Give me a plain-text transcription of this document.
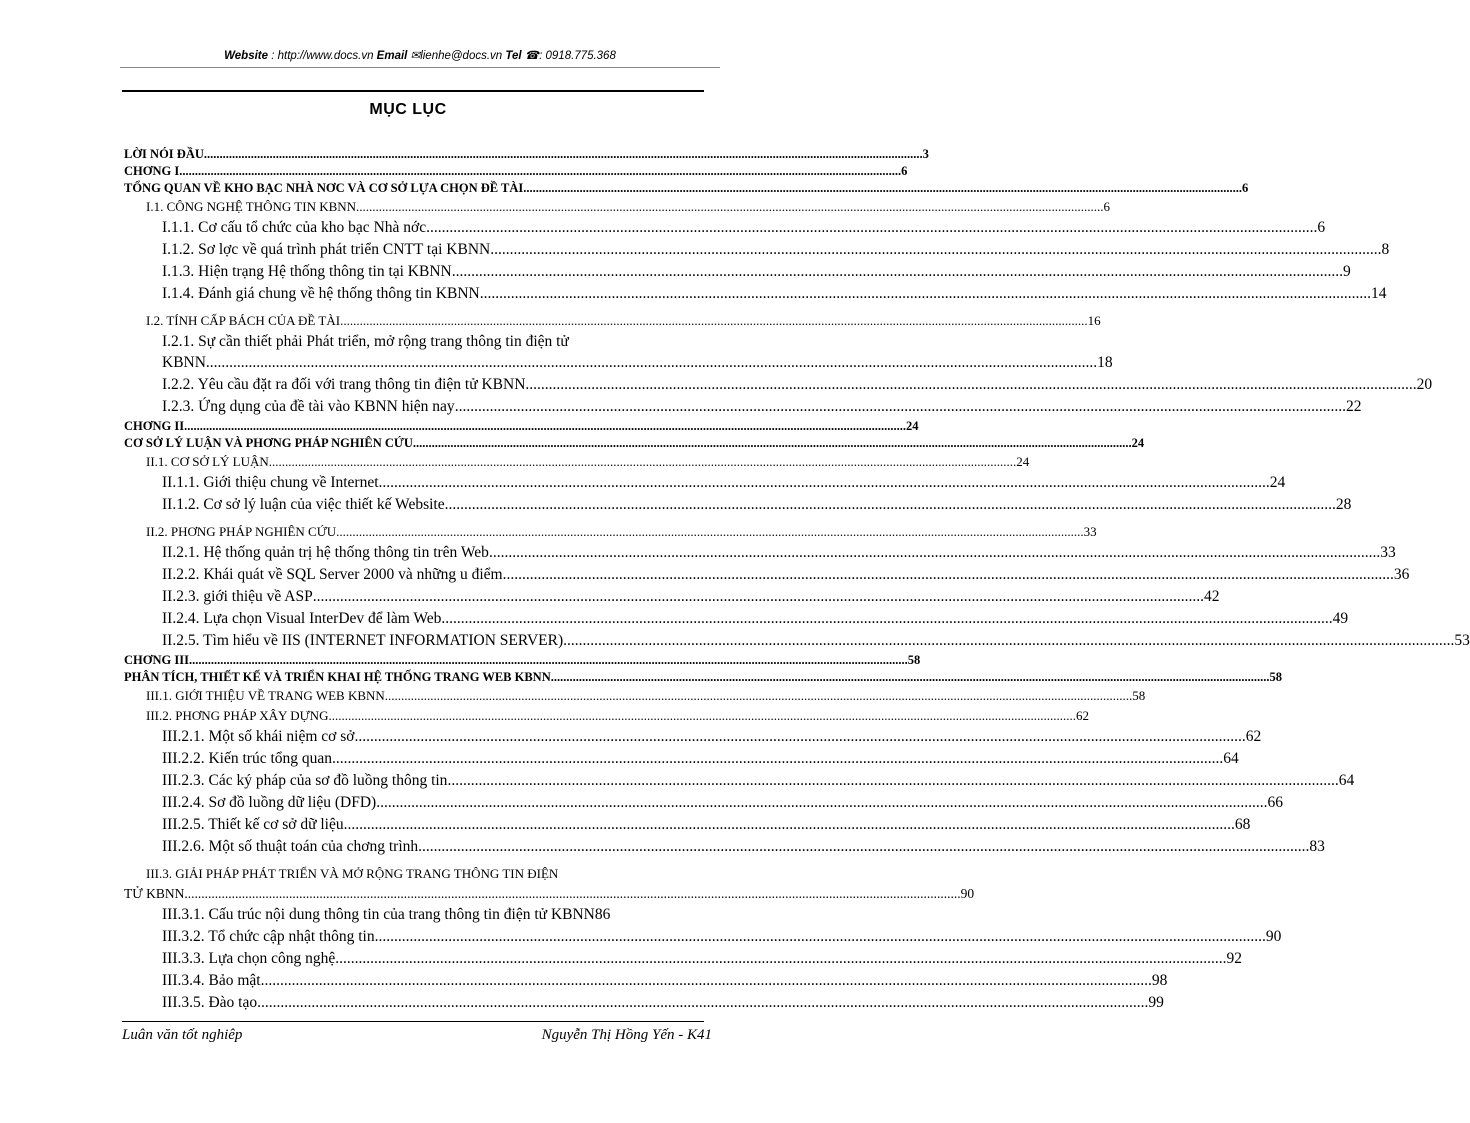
Website : http://www.docs.vn Email ✉lienhe@docs.vn Tel ☎: 0918.775.368
MỤC LỤC
LỜI NÓI ĐẦU .....	3
CHƠNG I. .....	6
TỔNG QUAN VỀ KHO BẠC NHÀ NƠC VÀ CƠ SỞ LỰA CHỌN ĐỀ TÀI .....	6
I.1. CÔNG NGHỆ THÔNG TIN KBNN .....	6
I.1.1. Cơ cấu tổ chức của kho bạc Nhà nớc .....	6
I.1.2. Sơ lợc về quá trình phát triển CNTT tại KBNN .....	8
I.1.3. Hiện trạng Hệ thống thông tin tại KBNN .....	9
I.1.4. Đánh giá chung về hệ thống thông tin KBNN .....	14
I.2. TÍNH CẤP BÁCH CỦA ĐỀ TÀI .....	16
I.2.1. Sự cần thiết phải Phát triển, mở rộng trang thông tin điện tử
KBNN .....	18
I.2.2. Yêu cầu đặt ra đối với trang thông tin điện tử KBNN .....	20
I.2.3. Ứng dụng của đề tài vào KBNN hiện nay .....	22
CHƠNG II. .....	24
CƠ SỞ LÝ LUẬN VÀ PHƠNG PHÁP NGHIÊN CỨU .....	24
II.1. CƠ SỞ LÝ LUẬN .....	24
II.1.1. Giới thiệu chung về Internet .....	24
II.1.2. Cơ sở lý luận của việc thiết kế Website .....	28
II.2. PHƠNG PHÁP NGHIÊN CỨU .....	33
II.2.1. Hệ thống quản trị hệ thống thông tin trên Web .....	33
II.2.2. Khái quát về SQL Server 2000 và những u điểm .....	36
II.2.3. giới thiệu về ASP .....	42
II.2.4. Lựa chọn Visual InterDev để làm Web .....	49
II.2.5. Tìm hiểu về IIS (INTERNET INFORMATION SERVER) .....	53
CHƠNG III .....	58
PHÂN TÍCH, THIẾT KẾ VÀ TRIỂN KHAI HỆ THỐNG TRANG WEB KBNN .....	58
III.1. GIỚI THIỆU VỀ TRANG WEB KBNN .....	58
III.2. PHƠNG PHÁP XÂY DỰNG .....	62
III.2.1. Một số khái niệm cơ sở .....	62
III.2.2. Kiến trúc tổng quan .....	64
III.2.3. Các ký pháp của sơ đồ luồng thông tin .....	64
III.2.4. Sơ đồ luồng dữ liệu (DFD) .....	66
III.2.5. Thiết kế cơ sở dữ liệu .....	68
III.2.6. Một số thuật toán của chơng trình .....	83
III.3. GIẢI PHÁP PHÁT TRIỂN VÀ MỞ RỘNG TRANG THÔNG TIN ĐIỆN
TỬ KBNN .....	90
III.3.1. Cấu trúc nội dung thông tin của trang thông tin điện tử KBNN 86
III.3.2. Tổ chức cập nhật thông tin .....	90
III.3.3. Lựa chọn công nghệ .....	92
III.3.4. Bảo mật .....	98
III.3.5. Đào tạo .....	99
Luân văn tốt nghiêp	Nguyễn Thị Hồng Yến - K41
